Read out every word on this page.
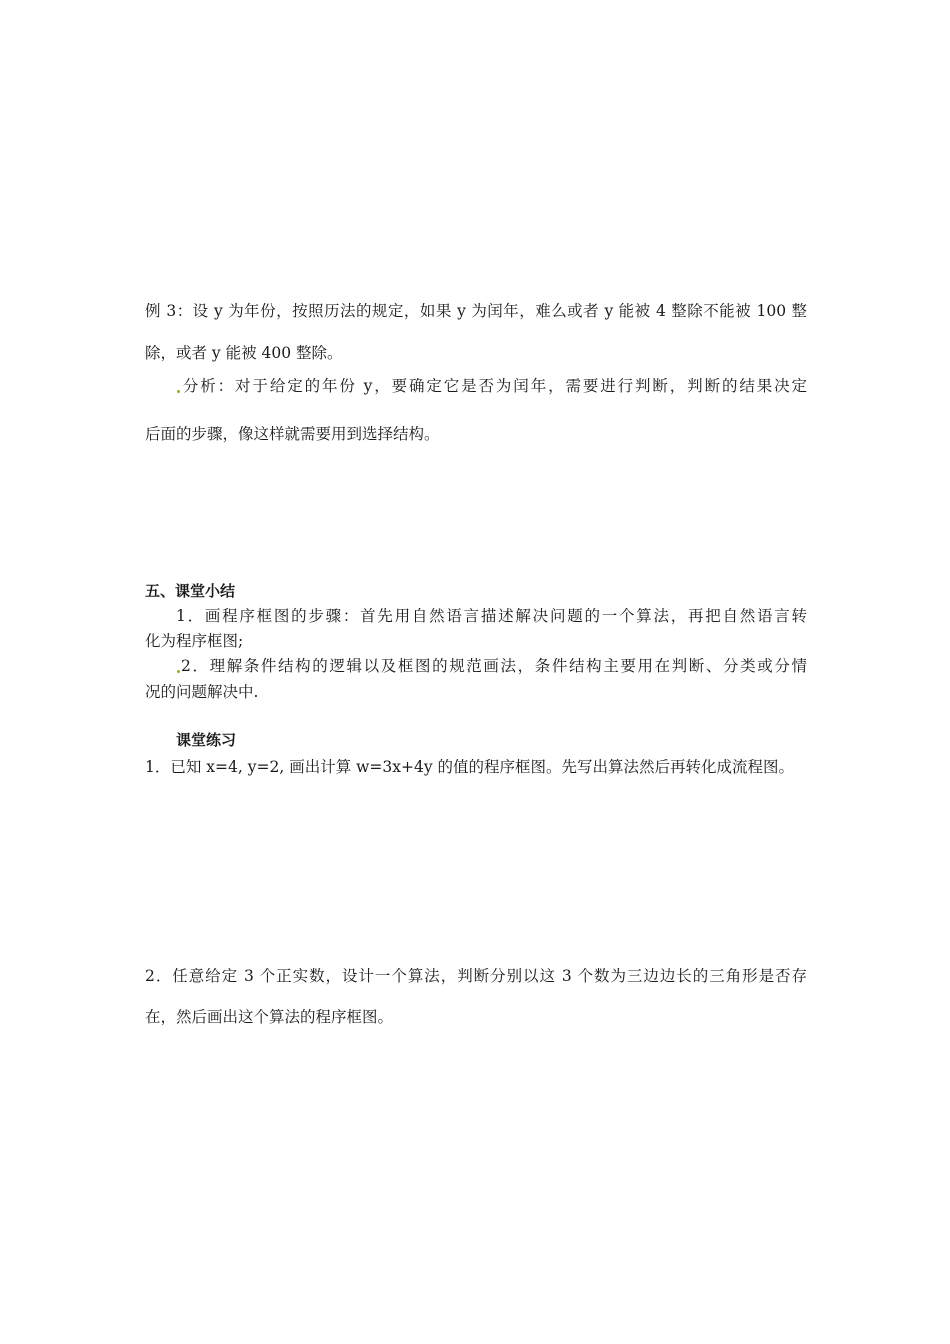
例 3：设 y 为年份，按照历法的规定，如果 y 为闰年，难么或者 y 能被 4 整除不能被 100 整
除，或者 y 能被 400 整除。
分析：对于给定的年份 y，要确定它是否为闰年，需要进行判断，判断的结果决定
后面的步骤，像这样就需要用到选择结构。
五、课堂小结
1．画程序框图的步骤：首先用自然语言描述解决问题的一个算法，再把自然语言转
化为程序框图;
2．理解条件结构的逻辑以及框图的规范画法，条件结构主要用在判断、分类或分情
况的问题解决中.
课堂练习
1．已知 x=4, y=2, 画出计算 w=3x+4y 的值的程序框图。先写出算法然后再转化成流程图。
2．任意给定 3 个正实数，设计一个算法，判断分别以这 3 个数为三边边长的三角形是否存
在，然后画出这个算法的程序框图。
